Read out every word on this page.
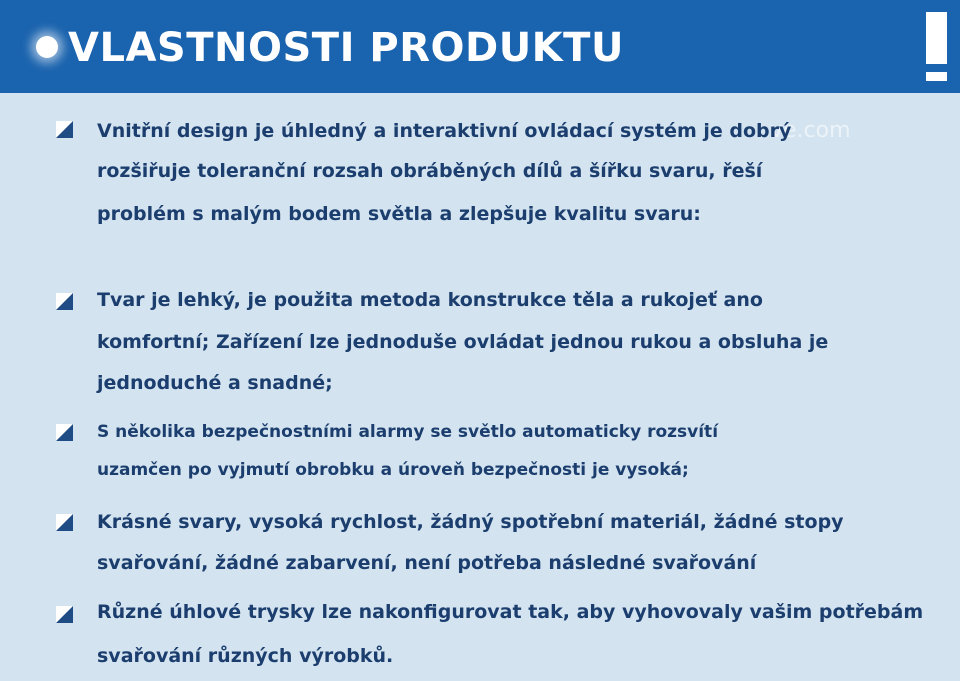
VLASTNOSTI PRODUKTU
ve.com
Vnitřní design je úhledný a interaktivní ovládací systém je dobrý
rozšiřuje toleranční rozsah obráběných dílů a šířku svaru, řeší
problém s malým bodem světla a zlepšuje kvalitu svaru:
Tvar je lehký, je použita metoda konstrukce těla a rukojeť ano
komfortní; Zařízení lze jednoduše ovládat jednou rukou a obsluha je
jednoduché a snadné;
S několika bezpečnostními alarmy se světlo automaticky rozsvítí
uzamčen po vyjmutí obrobku a úroveň bezpečnosti je vysoká;
Krásné svary, vysoká rychlost, žádný spotřební materiál, žádné stopy
svařování, žádné zabarvení, není potřeba následné svařování
Různé úhlové trysky lze nakonfigurovat tak, aby vyhovovaly vašim potřebám
svařování různých výrobků.
